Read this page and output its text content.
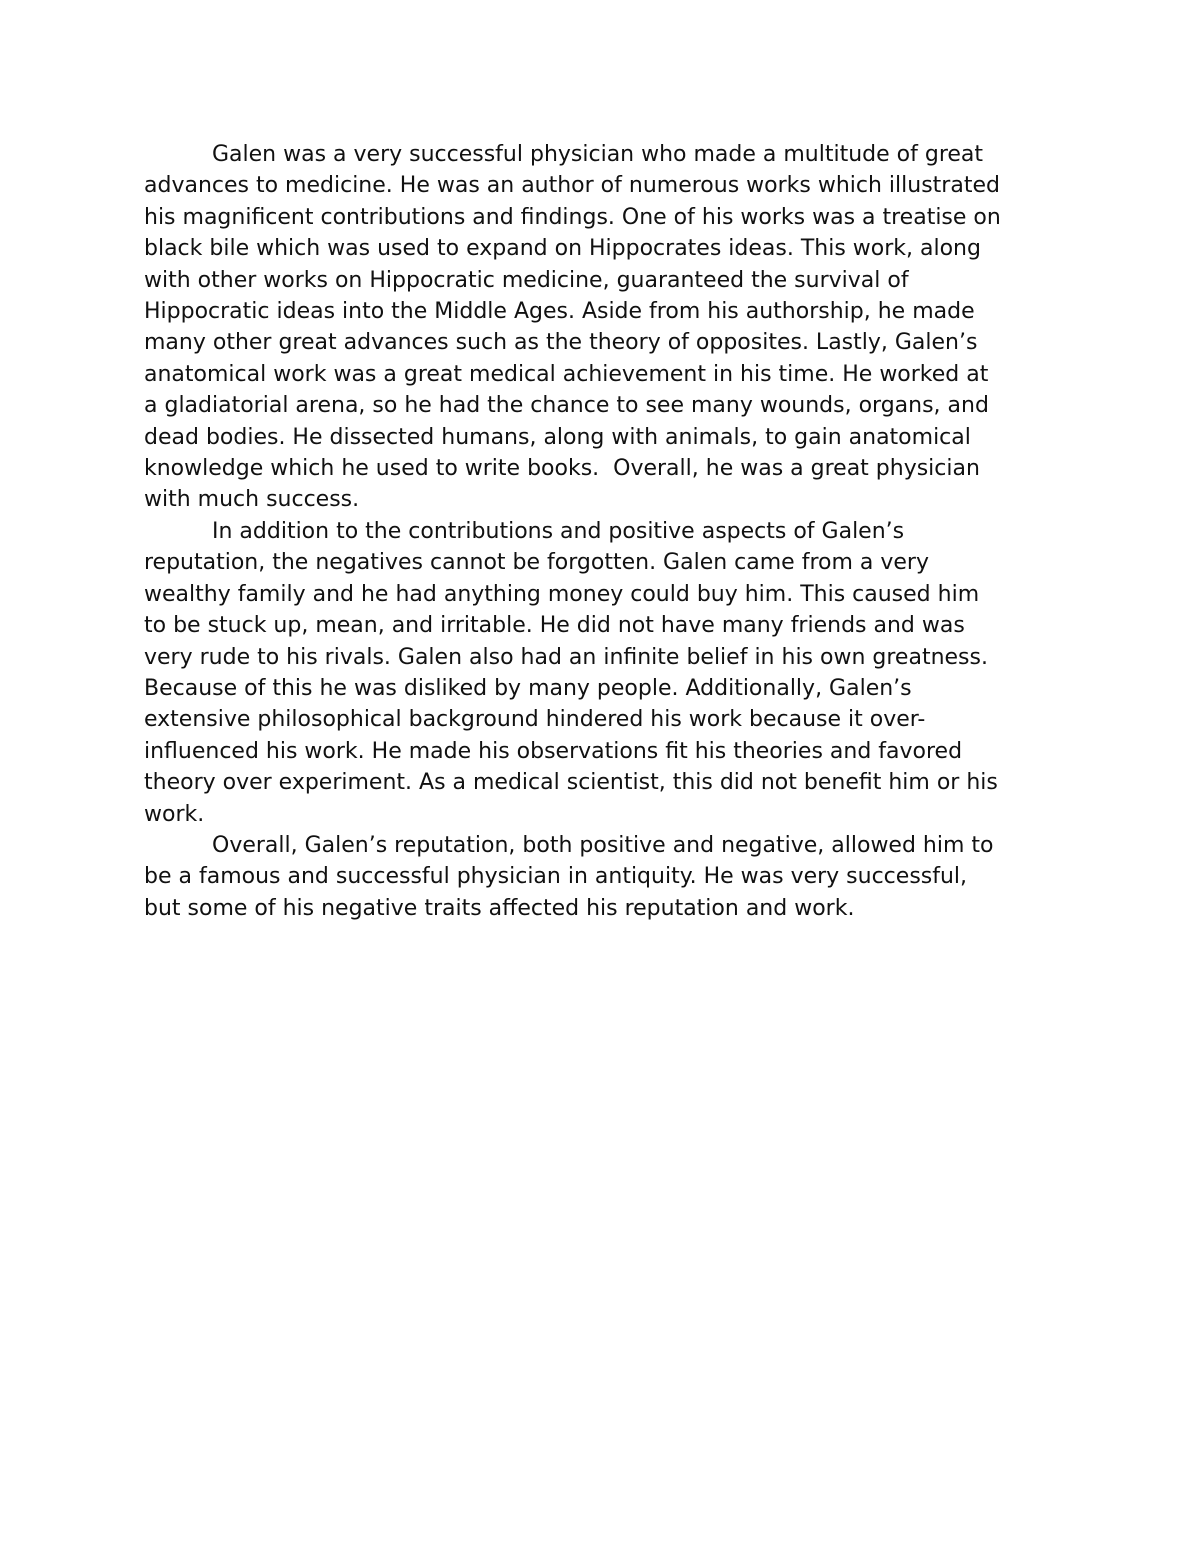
Galen was a very successful physician who made a multitude of great
advances to medicine. He was an author of numerous works which illustrated
his magnificent contributions and findings. One of his works was a treatise on
black bile which was used to expand on Hippocrates ideas. This work, along
with other works on Hippocratic medicine, guaranteed the survival of
Hippocratic ideas into the Middle Ages. Aside from his authorship, he made
many other great advances such as the theory of opposites. Lastly, Galen’s
anatomical work was a great medical achievement in his time. He worked at
a gladiatorial arena, so he had the chance to see many wounds, organs, and
dead bodies. He dissected humans, along with animals, to gain anatomical
knowledge which he used to write books.  Overall, he was a great physician
with much success.

In addition to the contributions and positive aspects of Galen’s
reputation, the negatives cannot be forgotten. Galen came from a very
wealthy family and he had anything money could buy him. This caused him
to be stuck up, mean, and irritable. He did not have many friends and was
very rude to his rivals. Galen also had an infinite belief in his own greatness.
Because of this he was disliked by many people. Additionally, Galen’s
extensive philosophical background hindered his work because it over-
influenced his work. He made his observations fit his theories and favored
theory over experiment. As a medical scientist, this did not benefit him or his
work.

Overall, Galen’s reputation, both positive and negative, allowed him to
be a famous and successful physician in antiquity. He was very successful,
but some of his negative traits affected his reputation and work.
